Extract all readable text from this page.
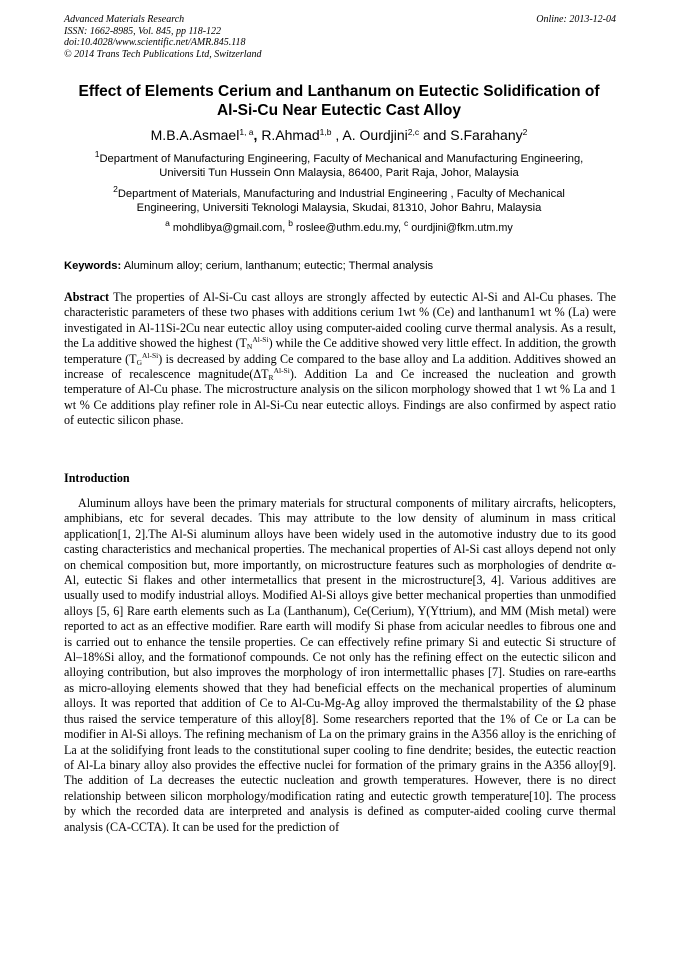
Advanced Materials Research
ISSN: 1662-8985, Vol. 845, pp 118-122
doi:10.4028/www.scientific.net/AMR.845.118
© 2014 Trans Tech Publications Ltd, Switzerland
Online: 2013-12-04
Effect of Elements Cerium and Lanthanum on Eutectic Solidification of
Al-Si-Cu Near Eutectic Cast Alloy
M.B.A.Asmael$^{1, a}$, R.Ahmad$^{1,b}$ , A. Ourdjini$^{2,c}$ and S.Farahany$^2$
$^1$Department of Manufacturing Engineering, Faculty of Mechanical and Manufacturing Engineering,
Universiti Tun Hussein Onn Malaysia, 86400, Parit Raja, Johor, Malaysia
$^2$Department of Materials, Manufacturing and Industrial Engineering , Faculty of Mechanical
Engineering, Universiti Teknologi Malaysia, Skudai, 81310, Johor Bahru, Malaysia
$^a$ mohdlibya@gmail.com, $^b$ roslee@uthm.edu.my, $^c$ ourdjini@fkm.utm.my
Keywords: Aluminum alloy; cerium, lanthanum; eutectic; Thermal analysis
Abstract The properties of Al-Si-Cu cast alloys are strongly affected by eutectic Al-Si and Al-Cu phases. The characteristic parameters of these two phases with additions cerium 1wt % (Ce) and lanthanum1 wt % (La) were investigated in Al-11Si-2Cu near eutectic alloy using computer-aided cooling curve thermal analysis. As a result, the La additive showed the highest $(T_N^{Al-Si})$ while the Ce additive showed very little effect. In addition, the growth temperature $(T_G^{Al-Si})$ is decreased by adding Ce compared to the base alloy and La addition. Additives showed an increase of recalescence $magnitude(\Delta T_R^{Al-Si})$. Addition La and Ce increased the nucleation and growth temperature of Al-Cu phase. The microstructure analysis on the silicon morphology showed that 1 wt % La and 1 wt % Ce additions play refiner role in Al-Si-Cu near eutectic alloys. Findings are also confirmed by aspect ratio of eutectic silicon phase.
Introduction
Aluminum alloys have been the primary materials for structural components of military aircrafts, helicopters, amphibians, etc for several decades. This may attribute to the low density of aluminum in mass critical application[1, 2].The Al-Si aluminum alloys have been widely used in the automotive industry due to its good casting characteristics and mechanical properties. The mechanical properties of Al-Si cast alloys depend not only on chemical composition but, more importantly, on microstructure features such as morphologies of dendrite α-Al, eutectic Si flakes and other intermetallics that present in the microstructure[3, 4]. Various additives are usually used to modify industrial alloys. Modified Al-Si alloys give better mechanical properties than unmodified alloys [5, 6] Rare earth elements such as La (Lanthanum), Ce(Cerium), Y(Yttrium), and MM (Mish metal) were reported to act as an effective modifier. Rare earth will modify Si phase from acicular needles to fibrous one and is carried out to enhance the tensile properties. Ce can effectively refine primary Si and eutectic Si structure of Al–18%Si alloy, and the formationof compounds. Ce not only has the refining effect on the eutectic silicon and alloying contribution, but also improves the morphology of iron intermettallic phases [7]. Studies on rare-earths as micro-alloying elements showed that they had beneficial effects on the mechanical properties of aluminum alloys. It was reported that addition of Ce to Al-Cu-Mg-Ag alloy improved the thermalstability of the Ω phase thus raised the service temperature of this alloy[8]. Some researchers reported that the 1% of Ce or La can be modifier in Al-Si alloys. The refining mechanism of La on the primary grains in the A356 alloy is the enriching of La at the solidifying front leads to the constitutional super cooling to fine dendrite; besides, the eutectic reaction of Al-La binary alloy also provides the effective nuclei for formation of the primary grains in the A356 alloy[9]. The addition of La decreases the eutectic nucleation and growth temperatures. However, there is no direct relationship between silicon morphology/modification rating and eutectic growth temperature[10]. The process by which the recorded data are interpreted and analysis is defined as computer-aided cooling curve thermal analysis (CA-CCTA). It can be used for the prediction of
